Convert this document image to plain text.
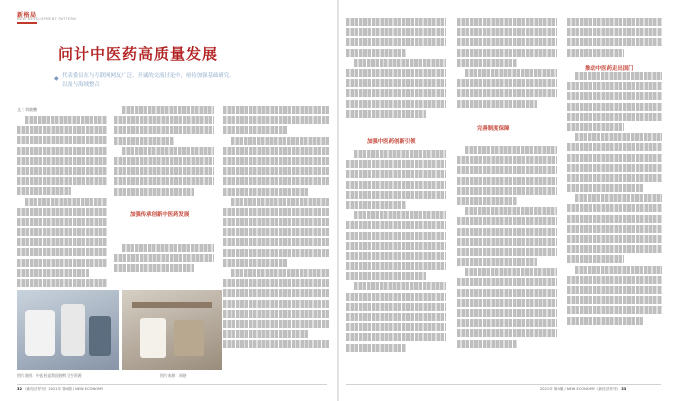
新格局
NEW DEVELOPMENT PATTERN
问计中医药高质量发展
◆ 代表委员在与互联网网友广泛、开诚的交流讨论中，亟待加强基础研究、以及与海域整合
文｜刘晓鹏
加强传承创新中医药发展
图片说明：中医药是我国独特卫生资源	图片来源：网络
加强中医药创新引领
完善制度保障
推动中医药走出国门
32 《新经济导刊》2021年 第4期 / NEW ECONOMY	2021年 第4期 / NEW ECONOMY《新经济导刊》 33
